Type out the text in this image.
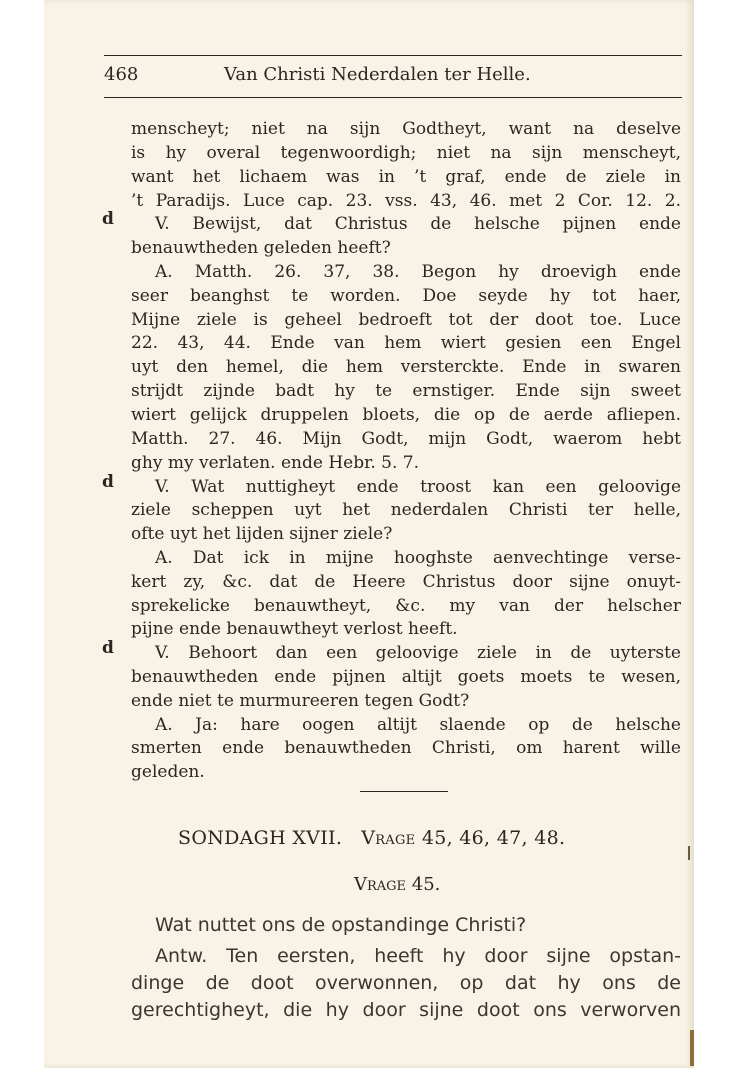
468	Van Christi Nederdalen ter Helle.
d
d
d
menscheyt; niet na sijn Godtheyt, want na deselve
is hy overal tegenwoordigh; niet na sijn menscheyt,
want het lichaem was in ’t graf, ende de ziele in
’t Paradijs. Luce cap. 23. vss. 43, 46. met 2 Cor. 12. 2.
V. Bewijst, dat Christus de helsche pijnen ende
benauwtheden geleden heeft?
A. Matth. 26. 37, 38. Begon hy droevigh ende
seer beanghst te worden. Doe seyde hy tot haer,
Mijne ziele is geheel bedroeft tot der doot toe. Luce
22. 43, 44. Ende van hem wiert gesien een Engel
uyt den hemel, die hem versterckte. Ende in swaren
strijdt zijnde badt hy te ernstiger. Ende sijn sweet
wiert gelijck druppelen bloets, die op de aerde afliepen.
Matth. 27. 46. Mijn Godt, mijn Godt, waerom hebt
ghy my verlaten. ende Hebr. 5. 7.
V. Wat nuttigheyt ende troost kan een geloovige
ziele scheppen uyt het nederdalen Christi ter helle,
ofte uyt het lijden sijner ziele?
A. Dat ick in mijne hooghste aenvechtinge verse-
kert zy, &c. dat de Heere Christus door sijne onuyt-
sprekelicke benauwtheyt, &c. my van der helscher
pijne ende benauwtheyt verlost heeft.
V. Behoort dan een geloovige ziele in de uyterste
benauwtheden ende pijnen altijt goets moets te wesen,
ende niet te murmureeren tegen Godt?
A. Ja: hare oogen altijt slaende op de helsche
smerten ende benauwtheden Christi, om harent wille
geleden.
SONDAGH XVII. Vrage 45, 46, 47, 48.
Vrage 45.
Wat nuttet ons de opstandinge Christi?
Antw. Ten eersten, heeft hy door sijne opstan-
dinge de doot overwonnen, op dat hy ons de
gerechtigheyt, die hy door sijne doot ons verworven
